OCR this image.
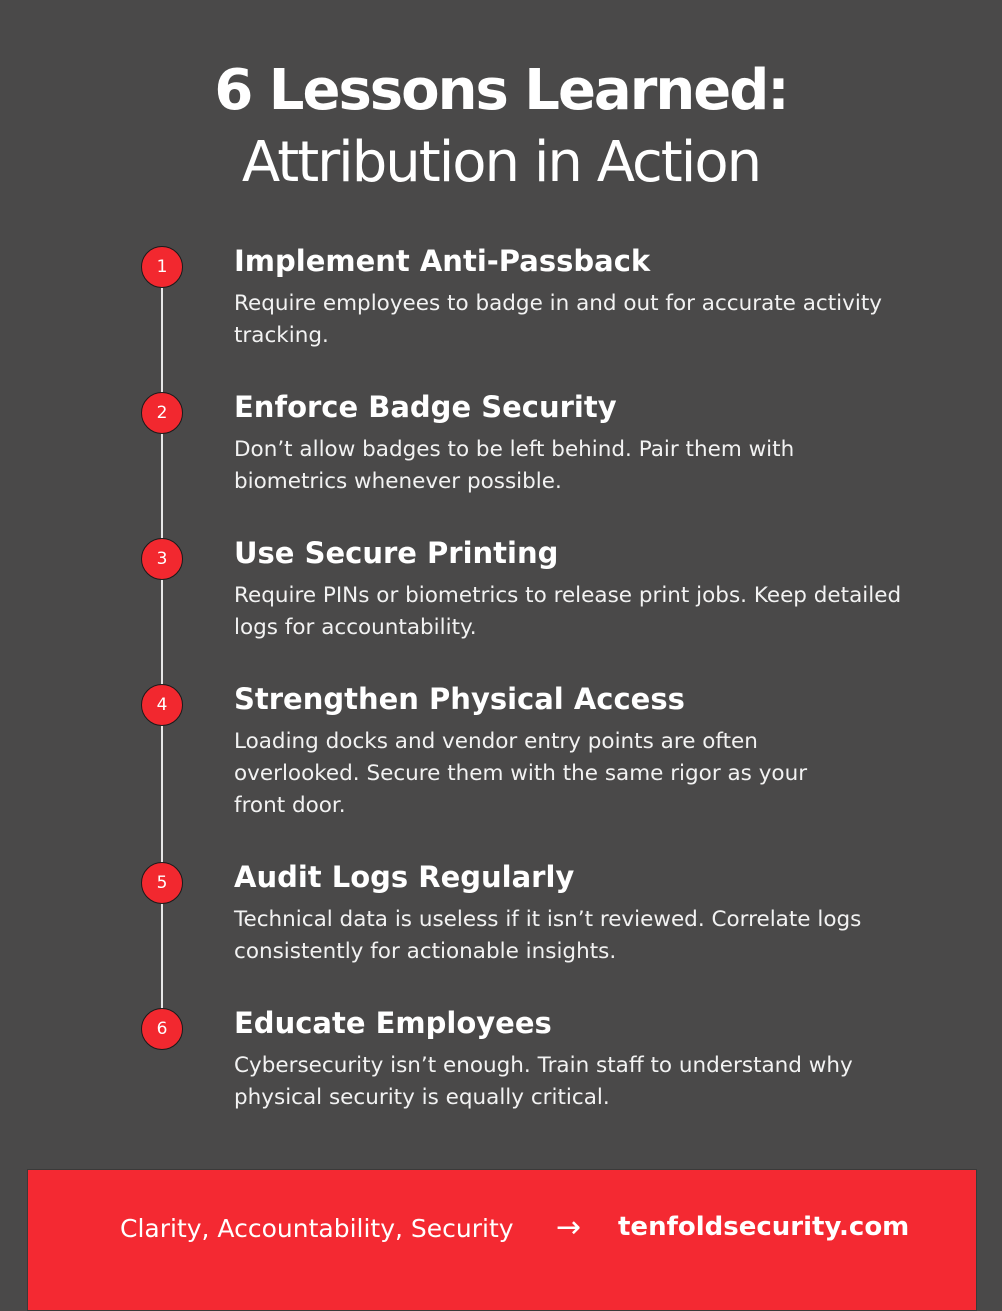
6 Lessons Learned:
Attribution in Action
1	Implement Anti-Passback
Require employees to badge in and out for accurate activity tracking.
2	Enforce Badge Security
Don’t allow badges to be left behind. Pair them with biometrics whenever possible.
3	Use Secure Printing
Require PINs or biometrics to release print jobs. Keep detailed logs for accountability.
4	Strengthen Physical Access
Loading docks and vendor entry points are often overlooked. Secure them with the same rigor as your front door.
5	Audit Logs Regularly
Technical data is useless if it isn’t reviewed. Correlate logs consistently for actionable insights.
6	Educate Employees
Cybersecurity isn’t enough. Train staff to understand why physical security is equally critical.
Clarity, Accountability, Security → tenfoldsecurity.com
